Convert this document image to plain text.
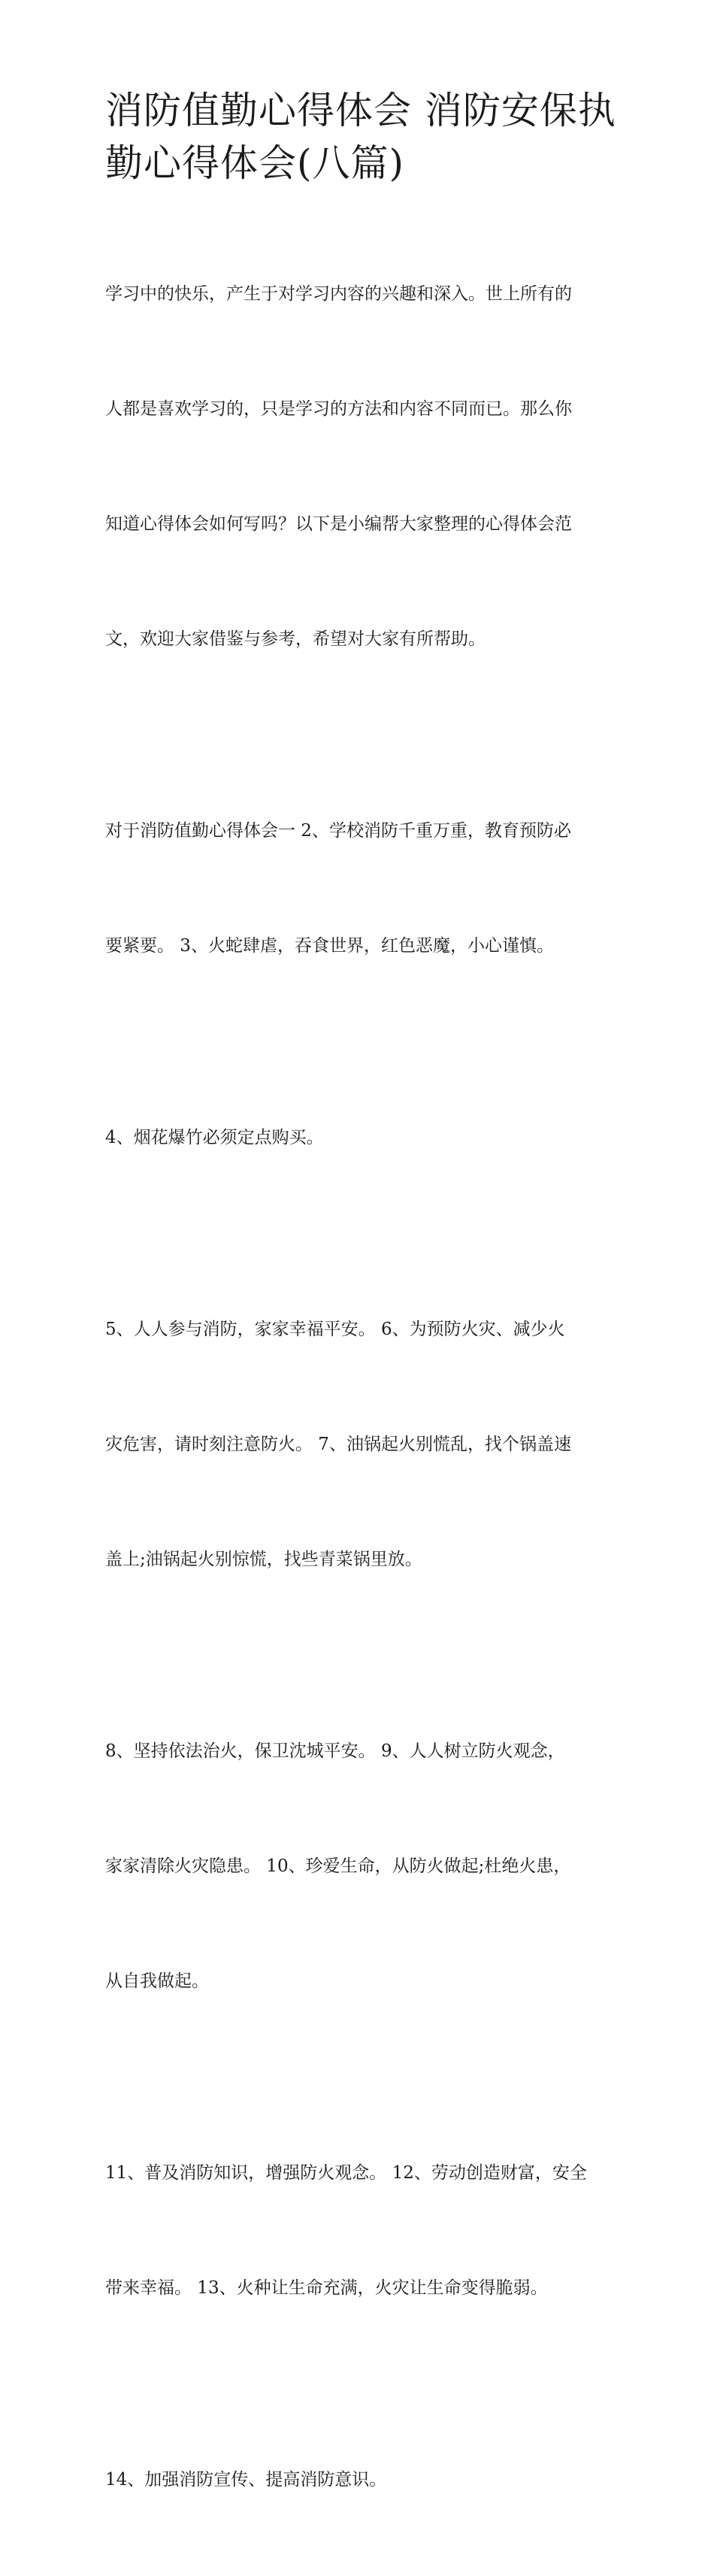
消防值勤心得体会 消防安保执
勤心得体会(八篇)

学习中的快乐，产生于对学习内容的兴趣和深入。世上所有的

人都是喜欢学习的，只是学习的方法和内容不同而已。那么你

知道心得体会如何写吗？以下是小编帮大家整理的心得体会范

文，欢迎大家借鉴与参考，希望对大家有所帮助。

对于消防值勤心得体会一 2、学校消防千重万重，教育预防必

要紧要。 3、火蛇肆虐，吞食世界，红色恶魔，小心谨慎。

4、烟花爆竹必须定点购买。

5、人人参与消防，家家幸福平安。 6、为预防火灾、减少火

灾危害，请时刻注意防火。 7、油锅起火别慌乱，找个锅盖速

盖上;油锅起火别惊慌，找些青菜锅里放。

8、坚持依法治火，保卫沈城平安。 9、人人树立防火观念，

家家清除火灾隐患。 10、珍爱生命，从防火做起;杜绝火患，

从自我做起。

11、普及消防知识，增强防火观念。 12、劳动创造财富，安全

带来幸福。 13、火种让生命充满，火灾让生命变得脆弱。

14、加强消防宣传、提高消防意识。
